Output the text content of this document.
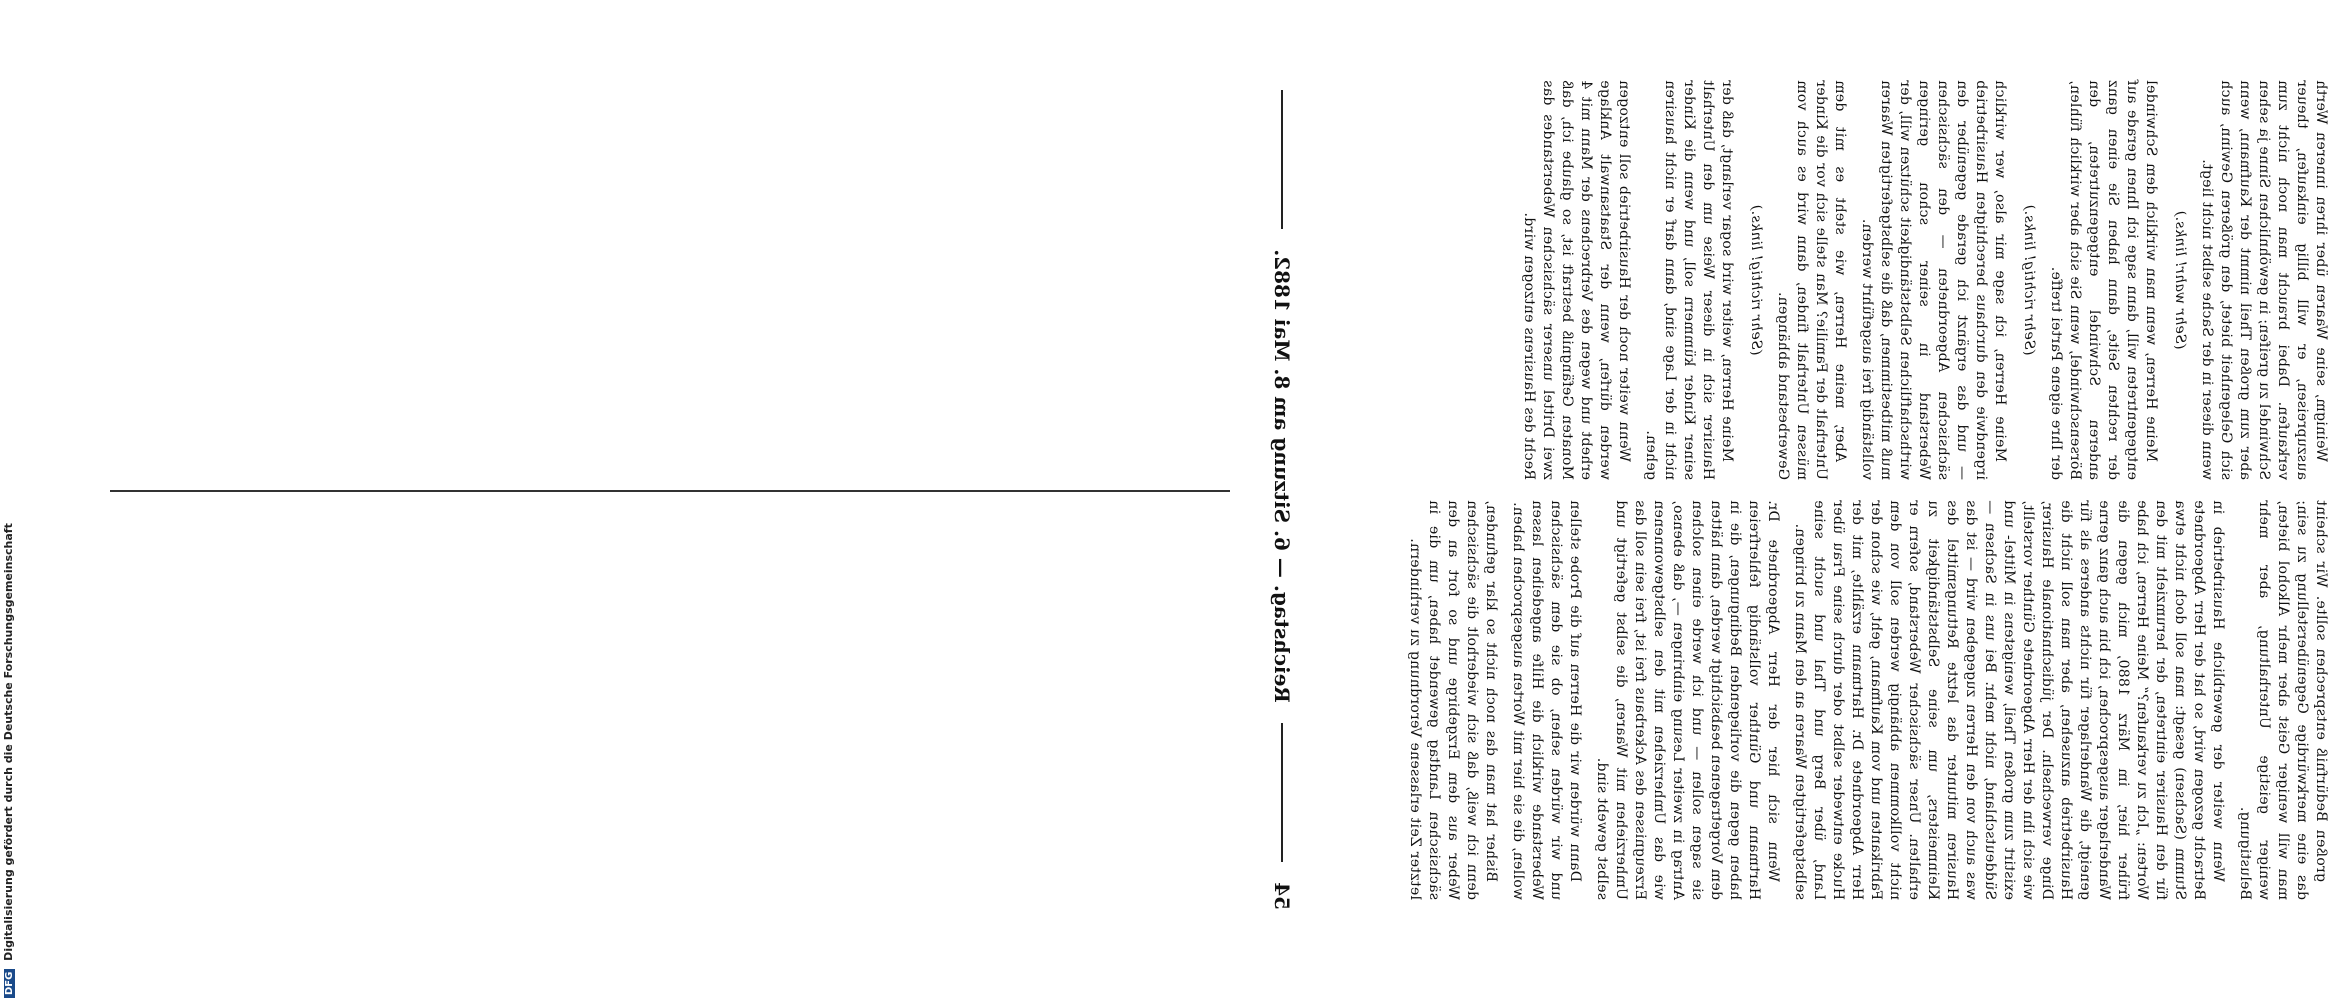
DFG Digitalisierung gefördert durch die Deutsche Forschungsgemeinschaft	54
Reichstag. — 6. Sitzung am 8. Mai 1882.	großen Bedürfniß entsprechen sollte. Wir scheint das eine merkwürdige Gegenüberstellung zu sein; man will weniger Geist aber mehr Alkohol bieten, weniger geistige Unterhaltung, aber mehr Belustigung.

Wenn weiter der gewerbliche Hausirbetrieb in Betracht gezogen wird, so hat der Herr Abgeordnete Stumm (Sachsen) gesagt: man soll doch nicht etwa für den Hausirer eintreten, der herumzieht mit den Worten: „Ich zu verkaufen?“ Meine Herren, ich habe früher hier, im März 1880, mich gegen die Wanderlager ausgesprochen, ich bin auch ganz gerne geneigt, die Wanderlager für nichts anderes als für Hausirbetrieb anzusehen, aber man soll nicht die Dinge verwechseln. Der jüdischnationale Hausirer, wie sich ihn der Herr Abgeordnete Günther vorstellt, existirt zum großen Theil, wenigstens in Mittel- und Süddeutschland, nicht mehr. Bei uns in Sachsen — was auch von den Herren zugegeben wird — ist das Hausiren mitunter das letzte Rettungsmittel des Kleinmeisters, um seine Selbstständigkeit zu erhalten. Unser sächsischer Weberstand, sofern er nicht vollkommen abhängig werden soll von dem Fabrikanten und vom Kaufmann, geht, wie schon der Herr Abgeordnete Dr. Hartmann erzählte, mit der Hucke entweder selbst oder durch seine Frau über Land, über Berg und Thal und sucht seine selbstgefertigten Waaren an den Mann zu bringen.

Wenn sich hier der Herr Abgeordnete Dr. Hartmann und Günther vollständig fehlerfreien haben gegen die vorliegenden Bedingungen, die in dem Vorgetragenen beabsichtigt werden, dann hätten sie sagen sollen — und ich werde einen solchen Antrag in zweiter Lesung einbringen —, daß ebenso, wie das Umherziehen mit den selbstgewonnenen Erzeugnissen des Ackerbaus frei ist, frei sein soll das Umherziehen mit Waaren, die selbst gefertigt und selbst gewebt sind.

Dann würden wir die Herren auf die Probe stellen und wir würden sehen, ob sie dem sächsischen Weberstande wirklich die Hilfe angedeihen lassen wollen, die sie hier mit Worten ausgesprochen haben.

Bisher hat man das noch nicht so klar gefunden, denn ich weiß, daß sich wiederholt die sächsischen Weber aus dem Erzgebirge und so fort an den sächsischen Landtag gewendet haben, um die in letzter Zeit erlassene Verordnung zu verhindern.

Weinigm, seine Waaren über ihren inneren Werth auszupreisen, er will billig einkaufen, theuer verkaufen. Dabei braucht man noch nicht zum Schwindel zu greifen; in gewöhnlichen Sinne ja sehen aber zum großen Theil nimmt der Kaufmann, wenn sich Gelegenheit bietet, den größeren Gewinn, auch wenn dieser in der Sache selbst nicht liegt.

(Sehr wahr! links.)

Meine Herren, wenn man wirklich dem Schwindel entgegentreten will, dann sage ich Ihnen gerade auf der rechten Seite, dann haben Sie einen ganz anderen Schwindel entgegenzutreten, den Börsenschwindel, wenn Sie sich aber wirklich fühlen, der Ihre eigene Partei treffe.

(Sehr richtig! links.)

Meine Herren, ich sage mir also, wer wirklich irgendwie den durchaus berechtigten Hausirbetrieb — und das ergänzt ich gerade gegenüber den sächsischen Abgeordneten — den sächsischen Weberstand in seiner schon geringen wirthschaftlichen Selbstständigkeit schützen will, der muß mitbestimmen, daß die selbstgefertigten Waaren vollständig frei ausgeführt werden.

Aber, meine Herren, wie steht es mit dem Unterhalt der Familie? Man stelle sich vor die Kinder müssen Unterhalt finden, dann wird es auch vom Gewerbestand abhängen.

(Sehr richtig! links.)

Meine Herren, weiter wird sogar verlangt, daß der Hausirer sich in dieser Weise um den Unterhalt seiner Kinder kümmern soll, und wenn die Kinder nicht in der Lage sind, dann darf er nicht hausiren gehen.

Wenn weiter noch der Hausirbetrieb soll entzogen werden dürfen, wenn der Staatsanwalt Anklage erhebt und wegen des Verbrechens der Mann mit 4 Monaten Gefängniß bestraft ist, so glaube ich, daß zwei Drittel unserer sächsischen Weberstandes das Recht des Hausirens entzogen wird.
